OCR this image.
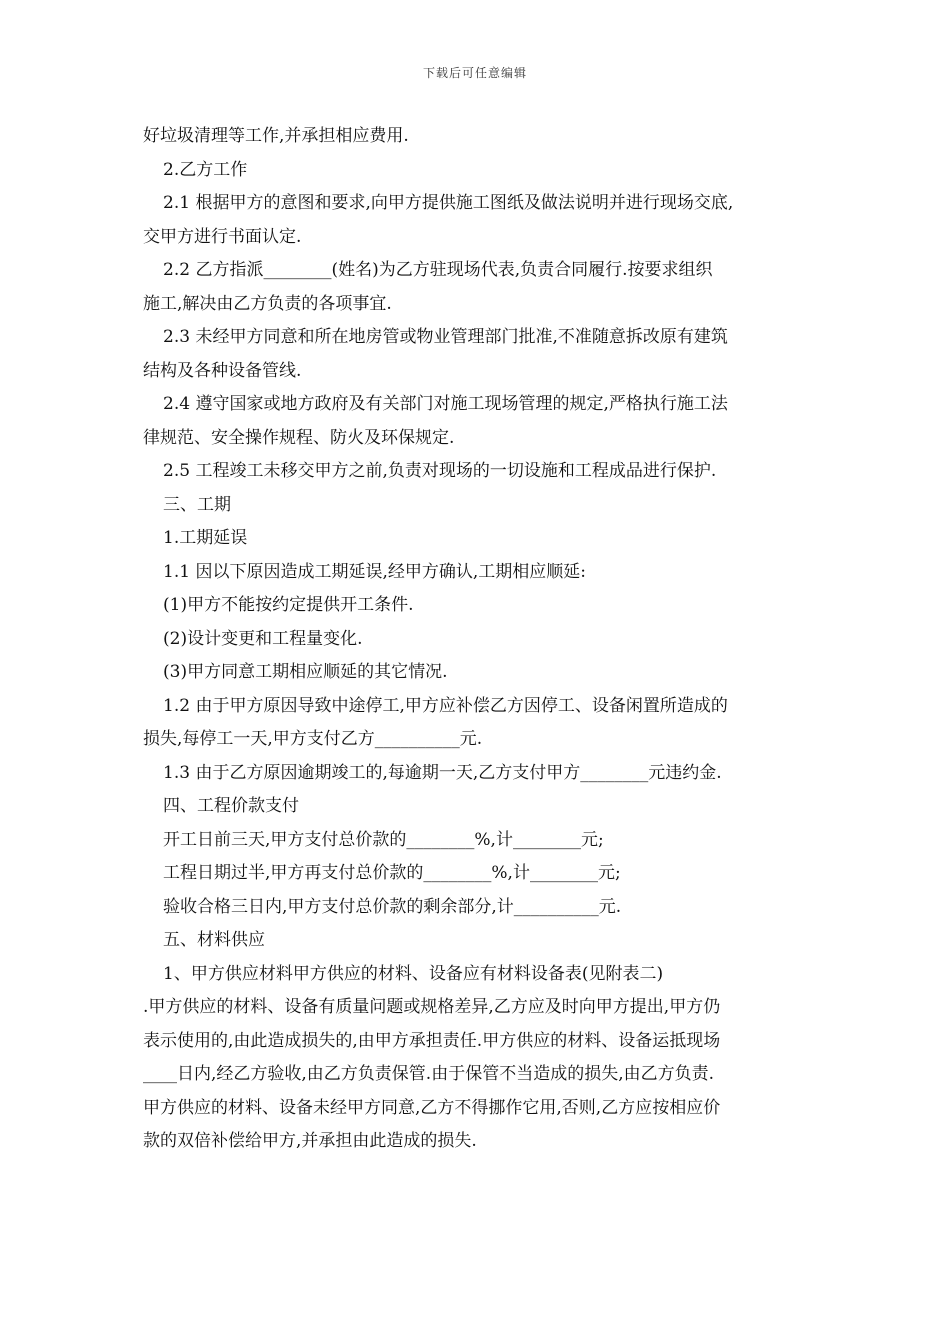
下载后可任意编辑
好垃圾清理等工作,并承担相应费用.
2.乙方工作
2.1 根据甲方的意图和要求,向甲方提供施工图纸及做法说明并进行现场交底,
交甲方进行书面认定.
2.2 乙方指派________(姓名)为乙方驻现场代表,负责合同履行.按要求组织
施工,解决由乙方负责的各项事宜.
2.3 未经甲方同意和所在地房管或物业管理部门批准,不准随意拆改原有建筑
结构及各种设备管线.
2.4 遵守国家或地方政府及有关部门对施工现场管理的规定,严格执行施工法
律规范、安全操作规程、防火及环保规定.
2.5 工程竣工未移交甲方之前,负责对现场的一切设施和工程成品进行保护.
三、工期
1.工期延误
1.1 因以下原因造成工期延误,经甲方确认,工期相应顺延:
(1)甲方不能按约定提供开工条件.
(2)设计变更和工程量变化.
(3)甲方同意工期相应顺延的其它情况.
1.2 由于甲方原因导致中途停工,甲方应补偿乙方因停工、设备闲置所造成的
损失,每停工一天,甲方支付乙方__________元.
1.3 由于乙方原因逾期竣工的,每逾期一天,乙方支付甲方________元违约金.
四、工程价款支付
开工日前三天,甲方支付总价款的________%,计________元;
工程日期过半,甲方再支付总价款的________%,计________元;
验收合格三日内,甲方支付总价款的剩余部分,计__________元.
五、材料供应
1、甲方供应材料甲方供应的材料、设备应有材料设备表(见附表二)
.甲方供应的材料、设备有质量问题或规格差异,乙方应及时向甲方提出,甲方仍
表示使用的,由此造成损失的,由甲方承担责任.甲方供应的材料、设备运抵现场
____日内,经乙方验收,由乙方负责保管.由于保管不当造成的损失,由乙方负责.
甲方供应的材料、设备未经甲方同意,乙方不得挪作它用,否则,乙方应按相应价
款的双倍补偿给甲方,并承担由此造成的损失.
